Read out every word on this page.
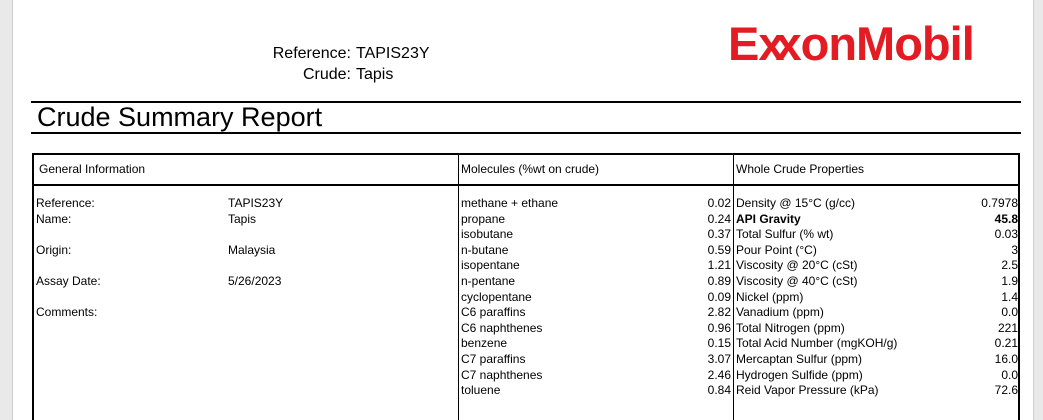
Reference: TAPIS23Y
Crude: Tapis
Exx onMobil
Crude Summary Report
General Information	Molecules (%wt on crude)	Whole Crude Properties
Reference:	TAPIS23Y
Name:	Tapis
Origin:	Malaysia
Assay Date:	5/26/2023
Comments:
methane + ethane	0.02
propane	0.24
isobutane	0.37
n-butane	0.59
isopentane	1.21
n-pentane	0.89
cyclopentane	0.09
C6 paraffins	2.82
C6 naphthenes	0.96
benzene	0.15
C7 paraffins	3.07
C7 naphthenes	2.46
toluene	0.84
Density @ 15°C (g/cc)	0.7978
API Gravity	45.8
Total Sulfur (% wt)	0.03
Pour Point (°C)	3
Viscosity @ 20°C (cSt)	2.5
Viscosity @ 40°C (cSt)	1.9
Nickel (ppm)	1.4
Vanadium (ppm)	0.0
Total Nitrogen (ppm)	221
Total Acid Number (mgKOH/g)	0.21
Mercaptan Sulfur (ppm)	16.0
Hydrogen Sulfide (ppm)	0.0
Reid Vapor Pressure (kPa)	72.6
